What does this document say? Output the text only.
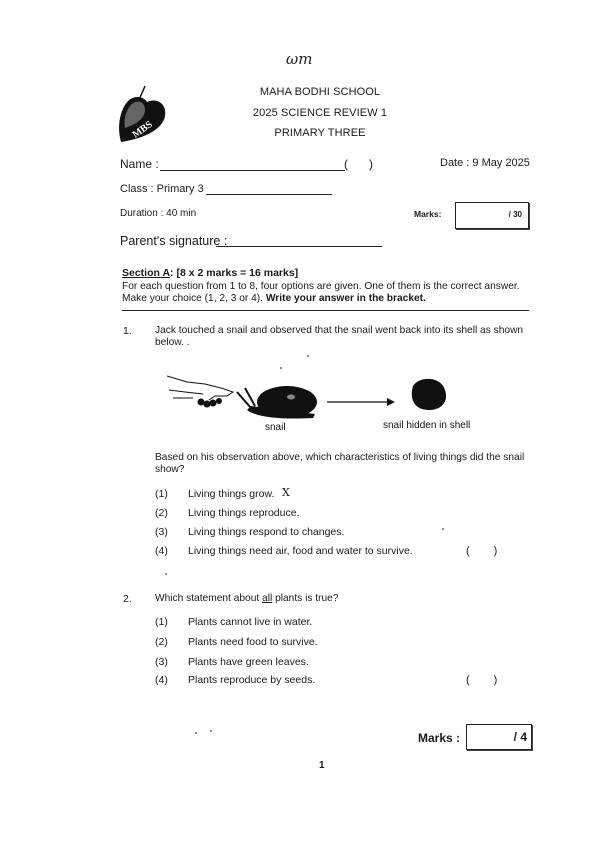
ωm
MBS
MAHA BODHI SCHOOL
2025 SCIENCE REVIEW 1
PRIMARY THREE
Name :	( )	Date : 9 May 2025
Class : Primary 3
Duration : 40 min	Marks:	/ 30
Parent's signature :
Section A: [8 x 2 marks = 16 marks]
For each question from 1 to 8, four options are given. One of them is the correct answer. Make your choice (1, 2, 3 or 4). Write your answer in the bracket.
1. Jack touched a snail and observed that the snail went back into its shell as shown below. .
snail	snail hidden in shell
Based on his observation above, which characteristics of living things did the snail show?
(1) Living things grow. X
(2) Living things reproduce.
(3) Living things respond to changes.
(4) Living things need air, food and water to survive.	( )
2. Which statement about all plants is true?
(1) Plants cannot live in water.
(2) Plants need food to survive.
(3) Plants have green leaves.
(4) Plants reproduce by seeds.	( )
Marks :	/ 4
1
